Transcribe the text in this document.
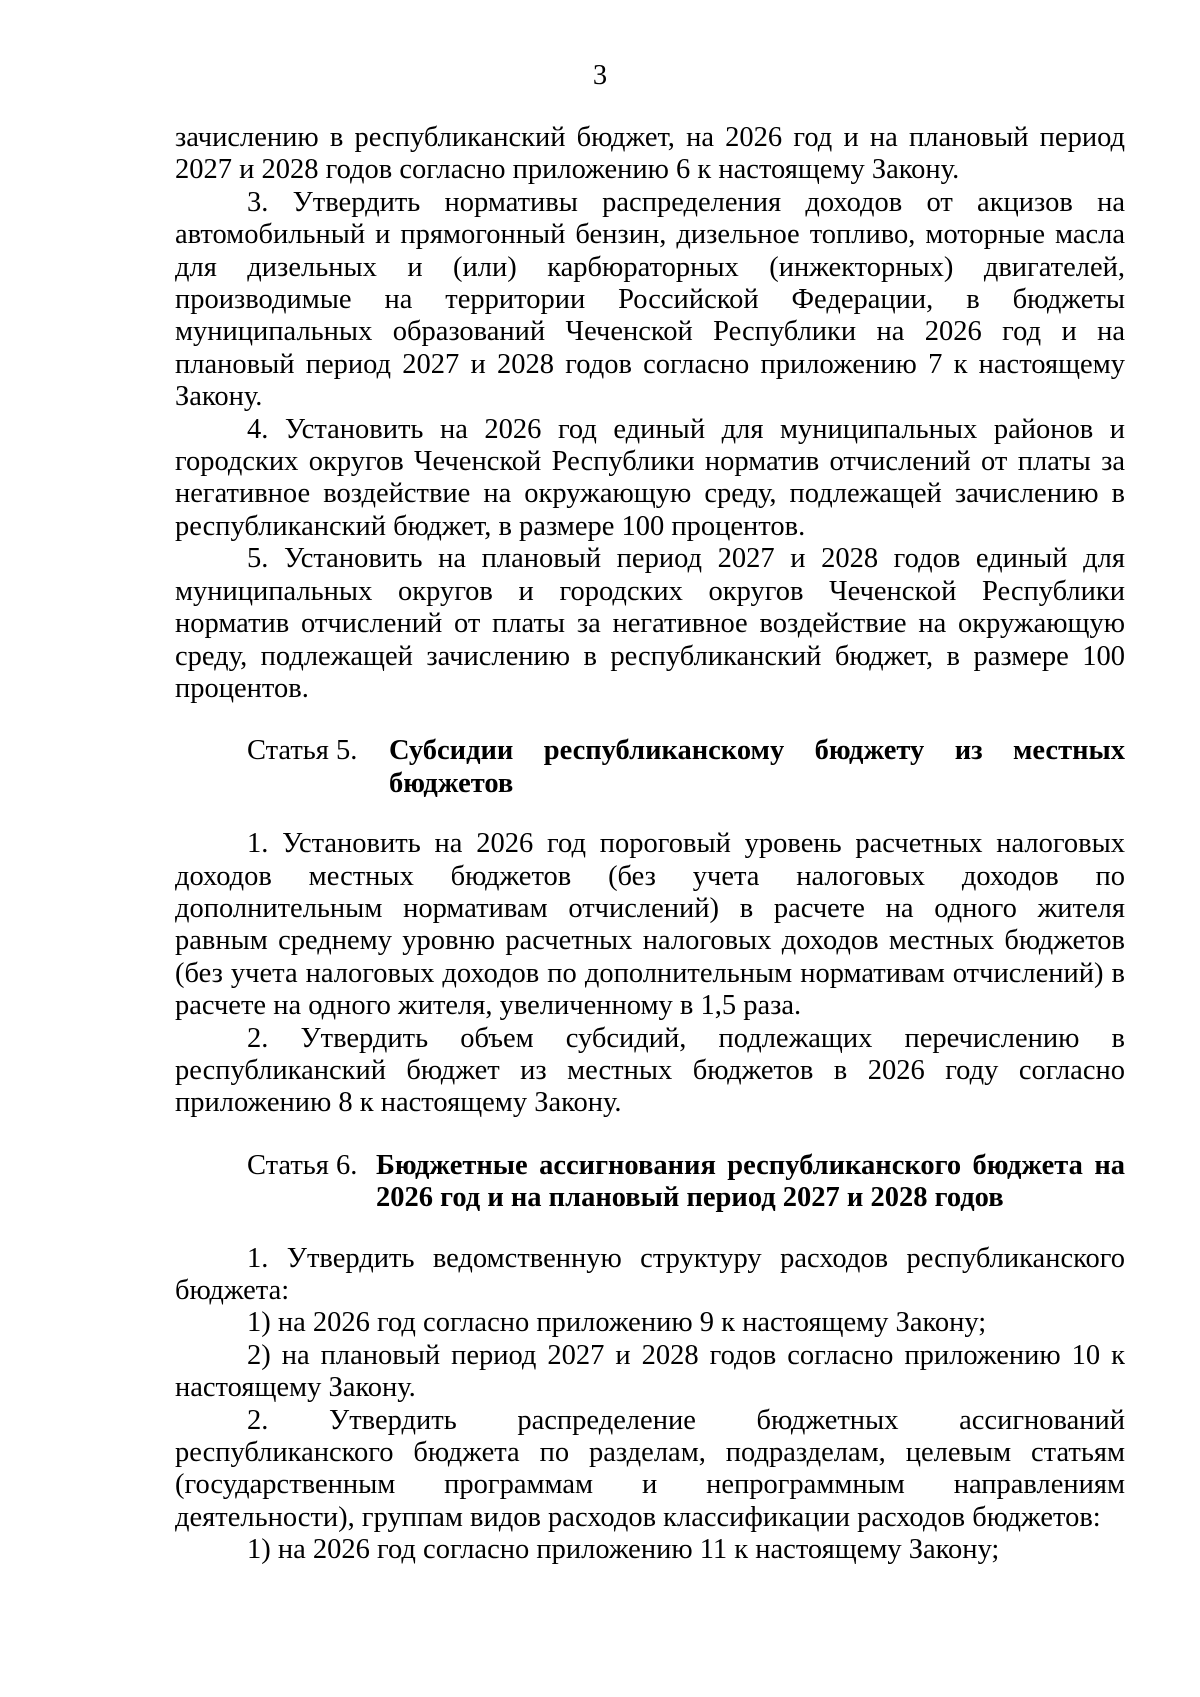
3

зачислению в республиканский бюджет, на 2026 год и на плановый период 2027 и 2028 годов согласно приложению 6 к настоящему Закону.

3. Утвердить нормативы распределения доходов от акцизов на автомобильный и прямогонный бензин, дизельное топливо, моторные масла для дизельных и (или) карбюраторных (инжекторных) двигателей, производимые на территории Российской Федерации, в бюджеты муниципальных образований Чеченской Республики на 2026 год и на плановый период 2027 и 2028 годов согласно приложению 7 к настоящему Закону.

4. Установить на 2026 год единый для муниципальных районов и городских округов Чеченской Республики норматив отчислений от платы за негативное воздействие на окружающую среду, подлежащей зачислению в республиканский бюджет, в размере 100 процентов.

5. Установить на плановый период 2027 и 2028 годов единый для муниципальных округов и городских округов Чеченской Республики норматив отчислений от платы за негативное воздействие на окружающую среду, подлежащей зачислению в республиканский бюджет, в размере 100 процентов.

Статья 5.	Субсидии республиканскому бюджету из местных бюджетов

1. Установить на 2026 год пороговый уровень расчетных налоговых доходов местных бюджетов (без учета налоговых доходов по дополнительным нормативам отчислений) в расчете на одного жителя равным среднему уровню расчетных налоговых доходов местных бюджетов (без учета налоговых доходов по дополнительным нормативам отчислений) в расчете на одного жителя, увеличенному в 1,5 раза.

2. Утвердить объем субсидий, подлежащих перечислению в республиканский бюджет из местных бюджетов в 2026 году согласно приложению 8 к настоящему Закону.

Статья 6. Бюджетные ассигнования республиканского бюджета на 2026 год и на плановый период 2027 и 2028 годов

1. Утвердить ведомственную структуру расходов республиканского бюджета:

1) на 2026 год согласно приложению 9 к настоящему Закону;

2) на плановый период 2027 и 2028 годов согласно приложению 10 к настоящему Закону.

2. Утвердить распределение бюджетных ассигнований республиканского бюджета по разделам, подразделам, целевым статьям (государственным программам и непрограммным направлениям деятельности), группам видов расходов классификации расходов бюджетов:

1) на 2026 год согласно приложению 11 к настоящему Закону;
